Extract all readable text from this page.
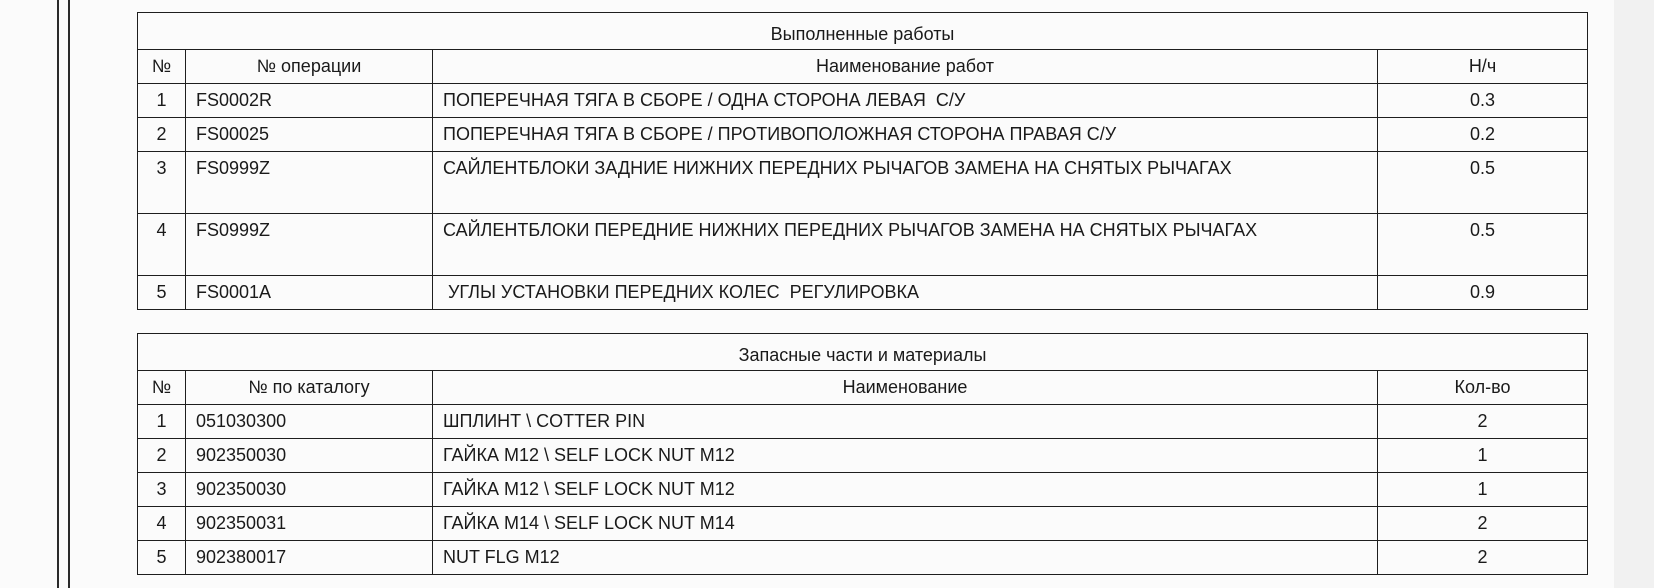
Выполненные работы			
№	№ операции	Наименование работ	Н/ч
1	FS0002R	ПОПЕРЕЧНАЯ ТЯГА В СБОРЕ / ОДНА СТОРОНА ЛЕВАЯ  С/У	0.3
2	FS00025	ПОПЕРЕЧНАЯ ТЯГА В СБОРЕ / ПРОТИВОПОЛОЖНАЯ СТОРОНА ПРАВАЯ С/У	0.2
3	FS0999Z	САЙЛЕНТБЛОКИ ЗАДНИЕ НИЖНИХ ПЕРЕДНИХ РЫЧАГОВ ЗАМЕНА НА СНЯТЫХ РЫЧАГАХ	0.5
4	FS0999Z	САЙЛЕНТБЛОКИ ПЕРЕДНИЕ НИЖНИХ ПЕРЕДНИХ РЫЧАГОВ ЗАМЕНА НА СНЯТЫХ РЫЧАГАХ	0.5
5	FS0001A	УГЛЫ УСТАНОВКИ ПЕРЕДНИХ КОЛЕС  РЕГУЛИРОВКА	0.9
Запасные части и материалы			
№	№ по каталогу	Наименование	Кол-во
1	051030300	ШПЛИНТ \ COTTER PIN	2
2	902350030	ГАЙКА M12 \ SELF LOCK NUT M12	1
3	902350030	ГАЙКА M12 \ SELF LOCK NUT M12	1
4	902350031	ГАЙКА M14 \ SELF LOCK NUT M14	2
5	902380017	NUT FLG M12	2
